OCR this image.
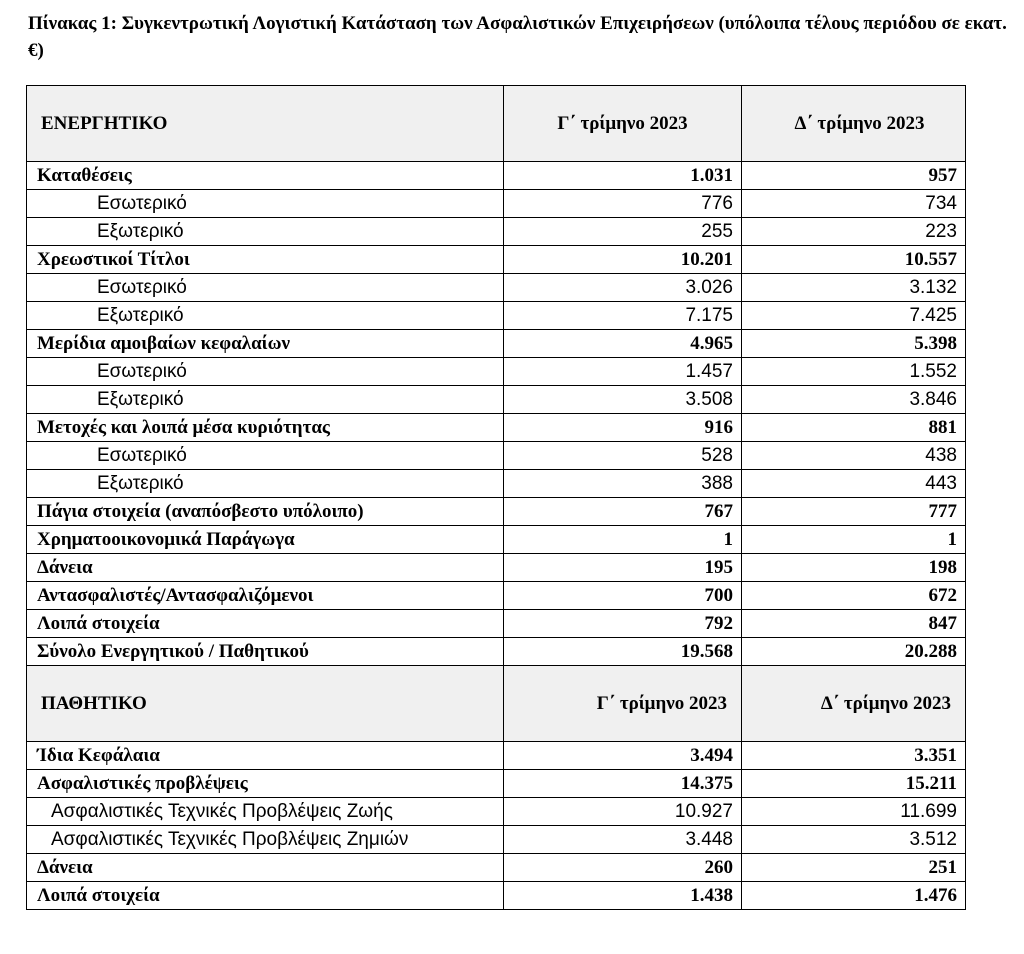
Πίνακας 1: Συγκεντρωτική Λογιστική Κατάσταση των Ασφαλιστικών Επιχειρήσεων (υπόλοιπα τέλους περιόδου σε εκατ. €)
ΕΝΕΡΓΗΤΙΚΟ	Γ΄ τρίμηνο 2023	Δ΄ τρίμηνο 2023
Καταθέσεις	1.031	957
Εσωτερικό	776	734
Εξωτερικό	255	223
Χρεωστικοί Τίτλοι	10.201	10.557
Εσωτερικό	3.026	3.132
Εξωτερικό	7.175	7.425
Μερίδια αμοιβαίων κεφαλαίων	4.965	5.398
Εσωτερικό	1.457	1.552
Εξωτερικό	3.508	3.846
Μετοχές και λοιπά μέσα κυριότητας	916	881
Εσωτερικό	528	438
Εξωτερικό	388	443
Πάγια στοιχεία (αναπόσβεστο υπόλοιπο)	767	777
Χρηματοοικονομικά Παράγωγα	1	1
Δάνεια	195	198
Αντασφαλιστές/Αντασφαλιζόμενοι	700	672
Λοιπά στοιχεία	792	847
Σύνολο Ενεργητικού / Παθητικού	19.568	20.288
ΠΑΘΗΤΙΚΟ	Γ΄ τρίμηνο 2023	Δ΄ τρίμηνο 2023
Ίδια Κεφάλαια	3.494	3.351
Ασφαλιστικές προβλέψεις	14.375	15.211
Ασφαλιστικές Τεχνικές Προβλέψεις Ζωής	10.927	11.699
Ασφαλιστικές Τεχνικές Προβλέψεις Ζημιών	3.448	3.512
Δάνεια	260	251
Λοιπά στοιχεία	1.438	1.476
